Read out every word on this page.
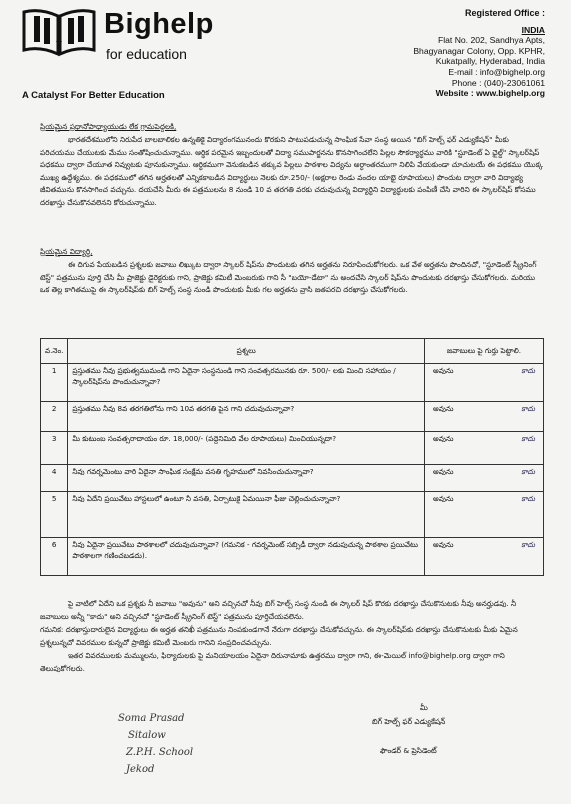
Bighelp
for education
A Catalyst For Better Education
Registered Office :
INDIA
Flat No. 202, Sandhya Apts,
Bhagyanagar Colony, Opp. KPHR,
Kukatpally, Hyderabad, India
E-mail : info@bighelp.org
Phone : (040)-23061061
Website : www.bighelp.org
ప్రియమైన ప్రధానోపాధ్యాయుడు లేక గ్రామపెద్దలకి,
భారతదేశములోని నిరుపేద బాలబాలికల ఉన్నతికై విద్యారంగమునందు కొరకుని పాటుపడుచున్న సాంఘిక సేవా సంస్థ అయిన "బిగ్ హెల్ప్ ఫర్ ఎడ్యుకేషన్" మీకు పరిచయము చేయుటకు మేము సంతోషించుచున్నాము. ఆర్థిక పరమైన ఇబ్బందులతో విద్యా సముపార్జనను కొనసాగించలేని పిల్లల సౌకర్యార్థము వారికి "స్టూడెంట్ ఏ ఛైల్డ్" స్కాలర్‌షిప్ పధకము ద్వారా చేయూత నివ్వుటకు పూనుకున్నాము. ఆర్థికముగా వెనుకబడిన తక్కువ పిల్లలు పాఠశాల విద్యను అర్ధాంతరముగా నిలిపి వేయకుండా చూచుటయే ఈ పధకము యొక్క ముఖ్య ఉద్దేశ్యము. ఈ పధకములో తగిన అర్హతలతో ఎన్నికకాబడిన విద్యార్థులు నెలకు రూ.250/- (అక్షరాల రెండు వందల యాభై రూపాయలు) పొందుట ద్వారా వారి విద్యాభ్య జీవితమును కొనసాగించ వచ్చును. దయచేసి మీరు ఈ పత్రములను 8 నుండి 10 వ తరగతి వరకు చదువుచున్న విద్యార్థిని విద్యార్థులకు పంపిణీ చేసి వారిని ఈ స్కాలర్‌షిప్ కోసము దరఖాస్తు చేసుకొనవలెనని కోరుచున్నాము.
ప్రియమైన విద్యార్థి,
ఈ దిగువ పేయబడిన ప్రశ్నలకు జవాబు లిఖ్కుట ద్వారా స్కాలర్ షిప్‌ను పొందుటకు తగిన అర్హతను నిరూపించుకోగలరు. ఒక వేళ అర్హతను పొందినచో, "స్టూడెంట్ స్క్రీనింగ్ టెస్ట్" పత్రమును పూర్తి చేసి మీ ప్రాజెక్టు డైరెక్టరుకు గాని, ప్రాజెక్టు కమిటీ మెంబరుకు గాని సీ "బయో-డేటా" ను అందచేసి స్కాలర్ షిప్‌ను పొందుటకు దరఖాస్తు చేసుకోగలరు. మరియు ఒక తెల్ల కాగితముపై ఈ స్కాలర్‌షిప్‌కు బిగ్ హెల్ప్ సంస్థ నుండి పొందుటకు మీకు గల అర్హతను వ్రాసి జతపరచి దరఖాస్తు చేసుకోగలరు.
వ.నెం.	ప్రశ్నలు	జవాబులు పై గుర్తు పెట్టాలి.
1	ప్రస్తుతము నీవు ప్రభుత్వముమండి గాని ఏదైనా సంస్థనుండి గాని సంవత్సరమునకు రూ. 500/- లకు మించి సహాయం / స్కాలర్‌షిప్‌ను పొందుచున్నావా?	అవును కాదు

2	ప్రస్తుతము నీవు 8వ తరగతిలోను గాని 10వ తరగతి పైన గాని చదువుచున్నావా?	అవును కాదు

3	మీ కుటుంబ సంవత్సరాదాయం రూ. 18,000/- (పద్దెనిమిది వేల రూపాయలు) మించియున్నదా?	అవును కాదు

4	నీవు గవర్నమెంటు వారి ఏదైనా సాంఘిక సంక్షేమ వసతి గృహములో నివసించుచున్నావా?	అవును కాదు

5	నీవు ఏదేని ప్రయివేటు హాస్టలులో ఉంటూ నీ వసతి, ఏర్పాటుకై ఏమయినా ఫీజు చెల్లించుచున్నావా?	అవును కాదు

6	నీవు ఏదైనా ప్రయివేటు పాఠశాలలో చదువుచున్నావా? (గమనిక - గవర్నమెంట్ సబ్సిడీ ద్వారా నడుపుచున్న పాఠశాల ప్రయివేటు పాఠశాలగా గణించబడదు).	అవును కాదు
పై వాటిలో ఏదేని ఒక ప్రశ్నకు నీ జవాబు "అవును" అని వచ్చినచో నీవు బిగ్ హెల్ప్ సంస్థ నుండి ఈ స్కాలర్ షిప్ కొరకు దరఖాస్తు చేసుకొనుటకు నీవు అనర్హుడవు. నీ జవాబులు అన్నీ "కాదు" అని వచ్చినచో "స్టూడెంట్ స్క్రీనింగ్ టెస్ట్" పత్రమును పూర్తిచేయవలెను.
గమనిక: దరఖాస్తుదారులైన విద్యార్థులు ఈ అర్హత తనిఖీ పత్రమును నింపకుండగానే నేరుగా దరఖాస్తు చేసుకోవచ్చును. ఈ స్కాలర్‌షిప్‌కు దరఖాస్తు చేసుకొనుటకు మీకు ఏమైన ప్రశ్నలున్నచో వివరముల కున్నచో ప్రాజెక్టు కమిటీ మెంబరు గానిని సంప్రదించవచ్చును.
ఇతర వివరములకు మమ్ములను, ఫిర్యాదులకు పై మనియాలయం ఏదైనా దిరునామాకు ఉత్తరము ద్వారా గాని, ఈ-మెయిల్ info@bighelp.org ద్వారా గాని తెలుపుకోగలరు.
Soma Prasad
Sitalow
Z.P.H. School
Jekod
మీ
బిగ్ హెల్ప్ ఫర్ ఎడ్యుకేషన్
ఫౌండర్ & ప్రెసిడెంట్
